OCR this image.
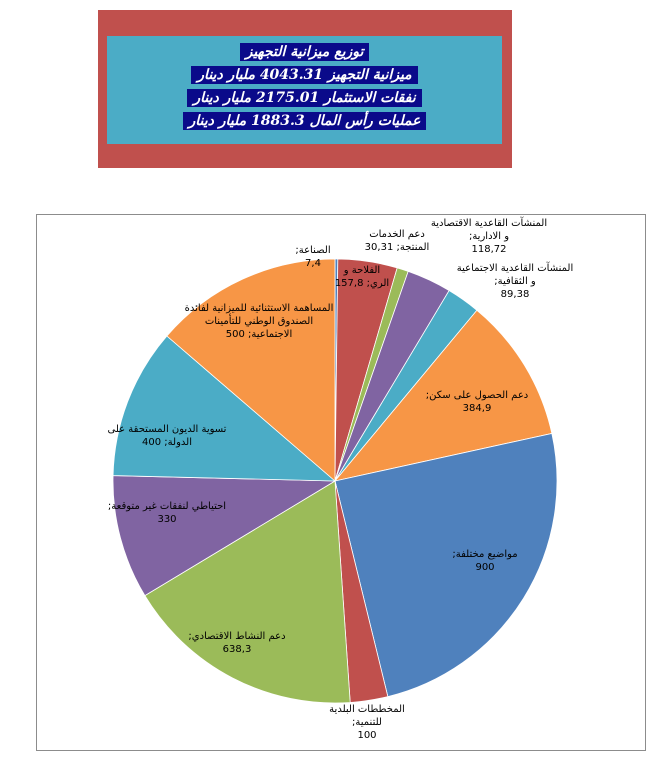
توزيع ميزانية التجهيز
ميزانية التجهيز 4043.31 مليار دينار
نفقات الاستثمار 2175.01 مليار دينار
عمليات رأس المال 1883.3 مليار دينار
الصناعة; 7,4
الفلاحة و الري; 157,8
دعم الخدمات المنتجة; 30,31
المنشآت القاعدية الاقتصادية و الادارية; 118,72
المنشآت القاعدية الاجتماعية و الثقافية; 89,38
دعم الحصول على سكن; 384,9
مواضيع مختلفة; 900
المخططات البلدية للتنمية; 100
دعم النشاط الاقتصادي; 638,3
احتياطي لنفقات غير متوقعة; 330
تسوية الديون المستحقة على الدولة; 400
المساهمة الاستثنائية للميزانية لفائدة الصندوق الوطني للتأمينات الاجتماعية; 500
